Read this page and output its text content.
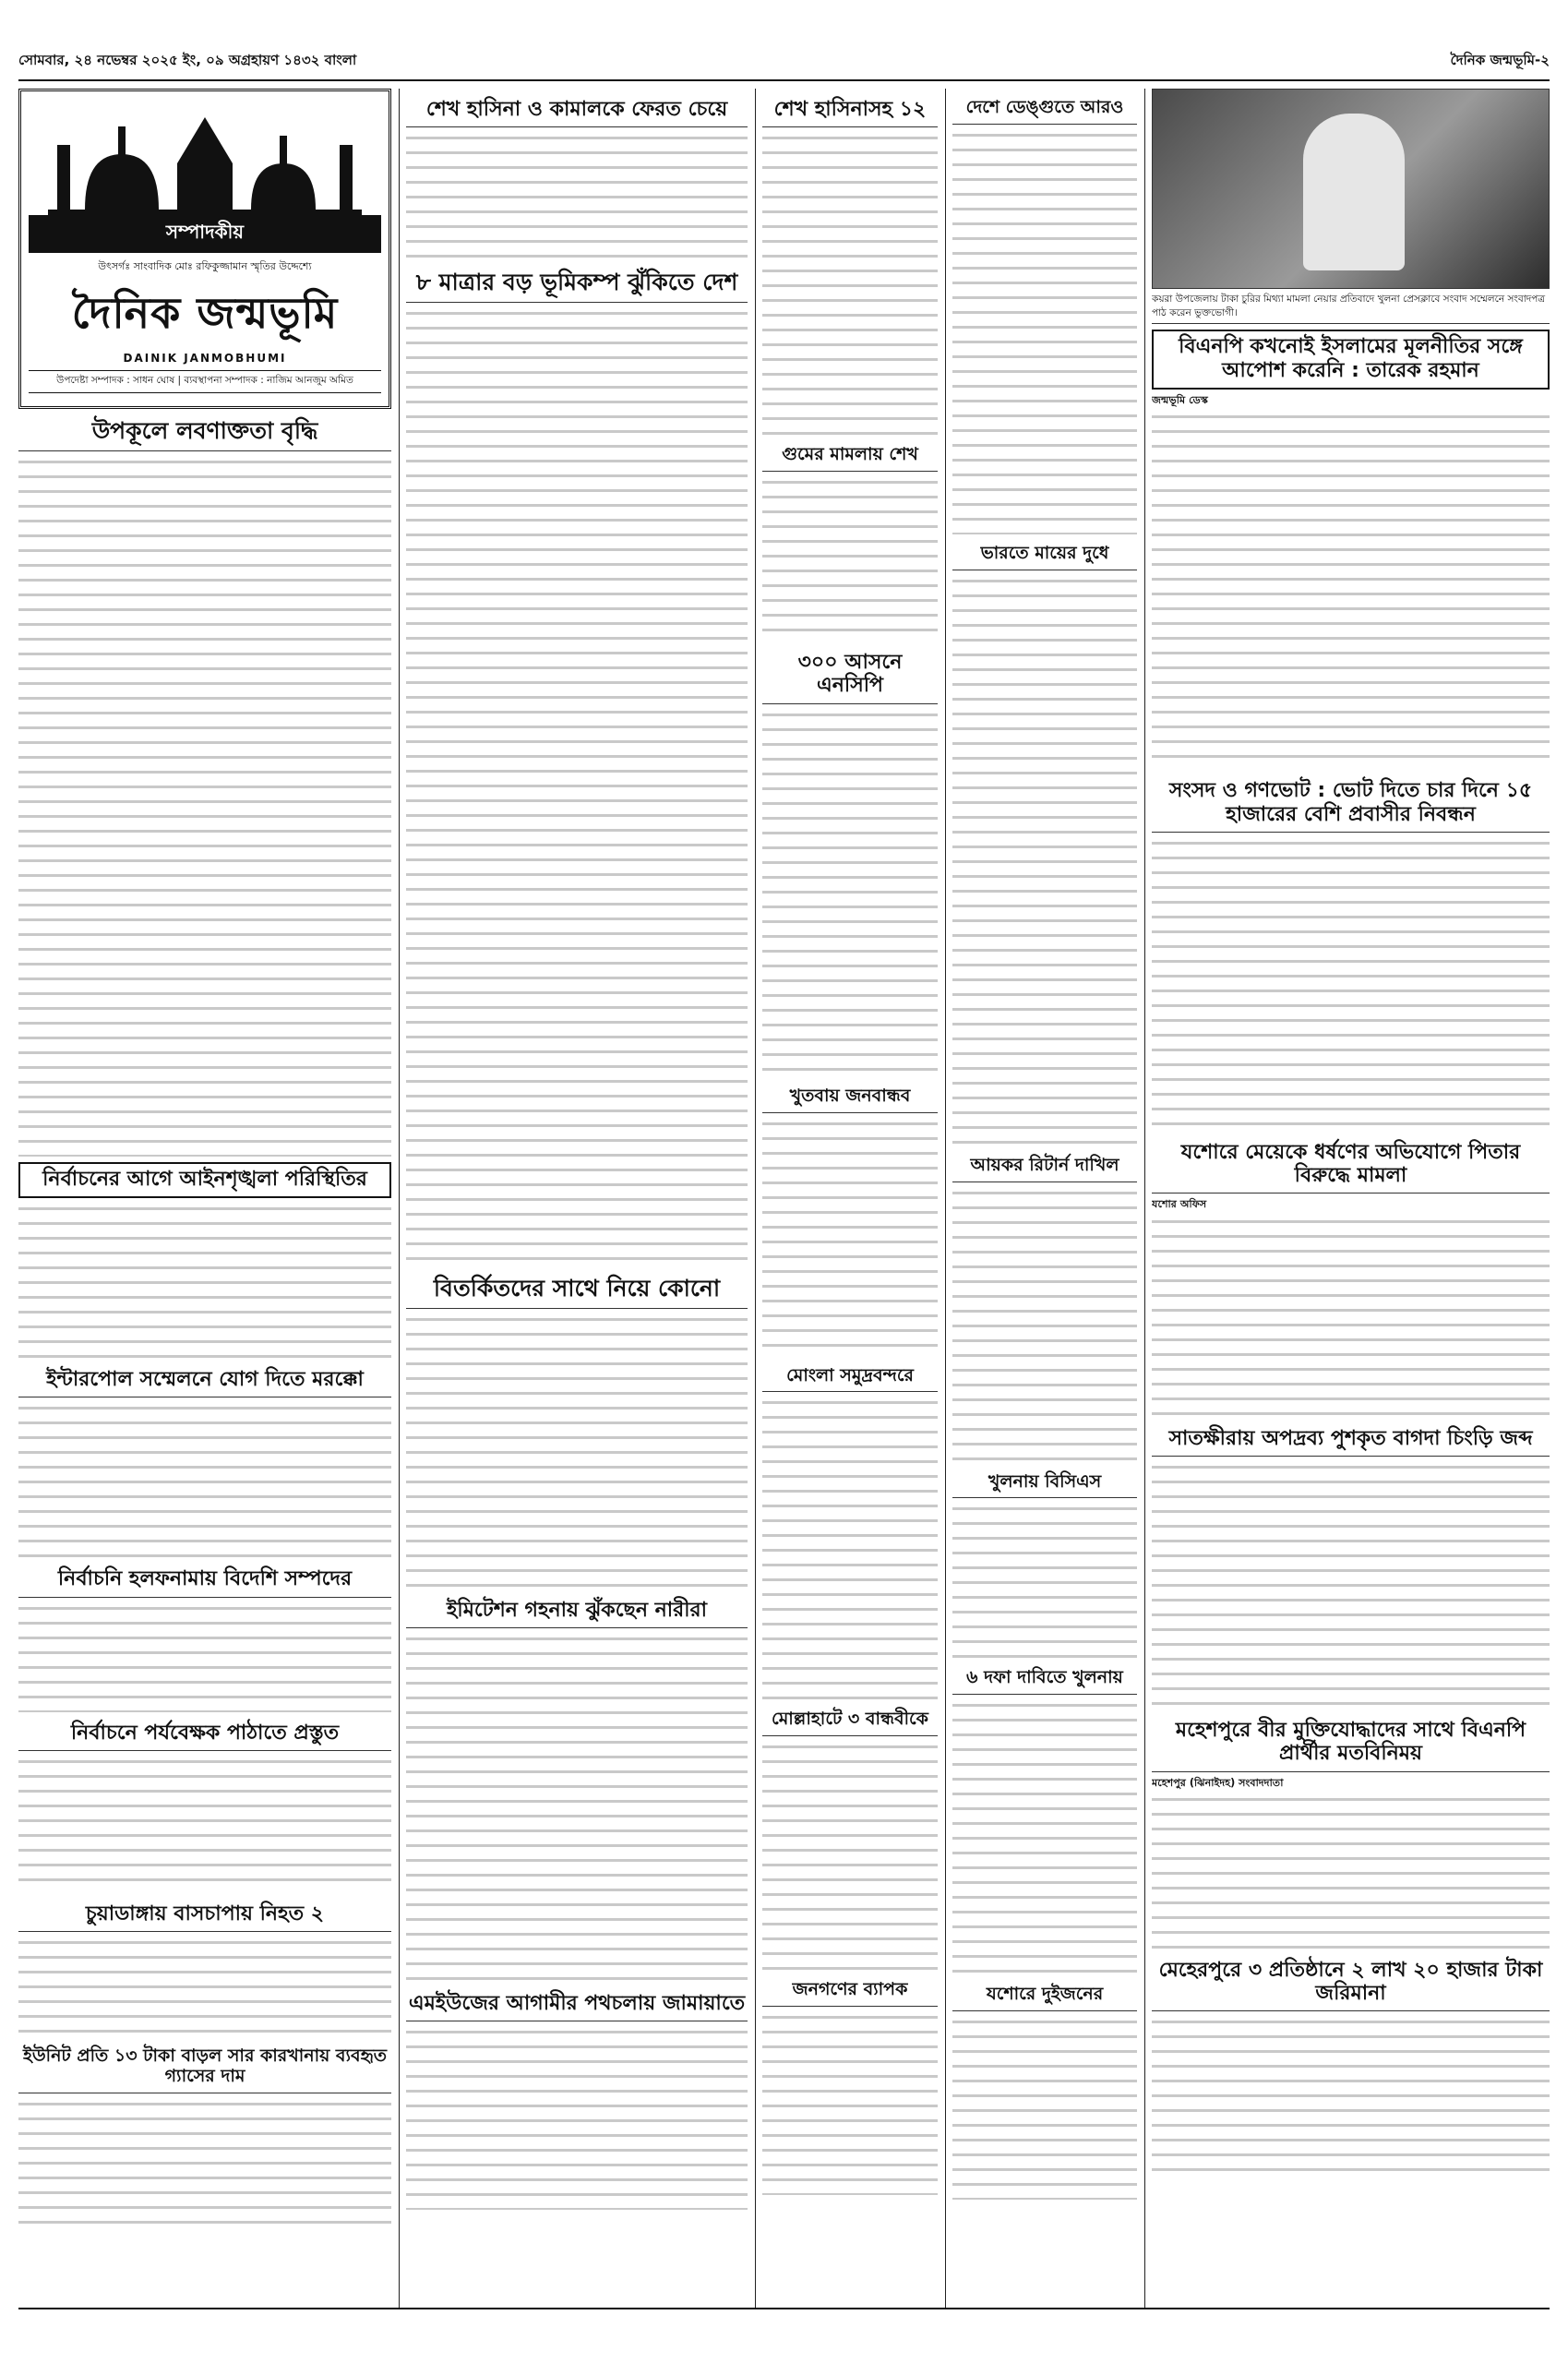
সোমবার, ২৪ নভেম্বর ২০২৫ ইং, ০৯ অগ্রহায়ণ ১৪৩২ বাংলা	দৈনিক জন্মভূমি-২
সম্পাদকীয়
উৎসর্গঃ সাংবাদিক মোঃ রফিকুজ্জামান স্মৃতির উদ্দেশ্যে
দৈনিক জন্মভূমি
DAINIK JANMOBHUMI
উপদেষ্টা সম্পাদক : সাধন ঘোষ | ব্যবস্থাপনা সম্পাদক : নাজিম আনজুম অমিত
উপকূলে লবণাক্ততা বৃদ্ধি
নির্বাচনের আগে আইনশৃঙ্খলা পরিস্থিতির
ইন্টারপোল সম্মেলনে যোগ দিতে মরক্কো
নির্বাচনি হলফনামায় বিদেশি সম্পদের
নির্বাচনে পর্যবেক্ষক পাঠাতে প্রস্তুত
চুয়াডাঙ্গায় বাসচাপায় নিহত ২
ইউনিট প্রতি ১৩ টাকা বাড়ল সার কারখানায় ব্যবহৃত গ্যাসের দাম
শেখ হাসিনা ও কামালকে ফেরত চেয়ে
৮ মাত্রার বড় ভূমিকম্প ঝুঁকিতে দেশ
বিতর্কিতদের সাথে নিয়ে কোনো
ইমিটেশন গহনায় ঝুঁকছেন নারীরা
এমইউজের আগামীর পথচলায় জামায়াতে
শেখ হাসিনাসহ ১২
গুমের মামলায় শেখ
৩০০ আসনে এনসিপি
খুতবায় জনবান্ধব
মোংলা সমুদ্রবন্দরে
মোল্লাহাটে ৩ বান্ধবীকে
জনগণের ব্যাপক
দেশে ডেঙ্গুতে আরও
ভারতে মায়ের দুধে
আয়কর রিটার্ন দাখিল
খুলনায় বিসিএস
৬ দফা দাবিতে খুলনায়
যশোরে দুইজনের
কয়রা উপজেলায় টাকা চুরির মিথ্যা মামলা নেয়ার প্রতিবাদে খুলনা প্রেসক্লাবে সংবাদ সম্মেলনে সংবাদপত্র পাঠ করেন ভুক্তভোগী।
বিএনপি কখনোই ইসলামের মূলনীতির সঙ্গে আপোশ করেনি : তারেক রহমান
জন্মভূমি ডেস্ক
সংসদ ও গণভোট : ভোট দিতে চার দিনে ১৫ হাজারের বেশি প্রবাসীর নিবন্ধন
যশোরে মেয়েকে ধর্ষণের অভিযোগে পিতার বিরুদ্ধে মামলা
যশোর অফিস
সাতক্ষীরায় অপদ্রব্য পুশকৃত বাগদা চিংড়ি জব্দ
মহেশপুরে বীর মুক্তিযোদ্ধাদের সাথে বিএনপি প্রার্থীর মতবিনিময়
মহেশপুর (ঝিনাইদহ) সংবাদদাতা
মেহেরপুরে ৩ প্রতিষ্ঠানে ২ লাখ ২০ হাজার টাকা জরিমানা
